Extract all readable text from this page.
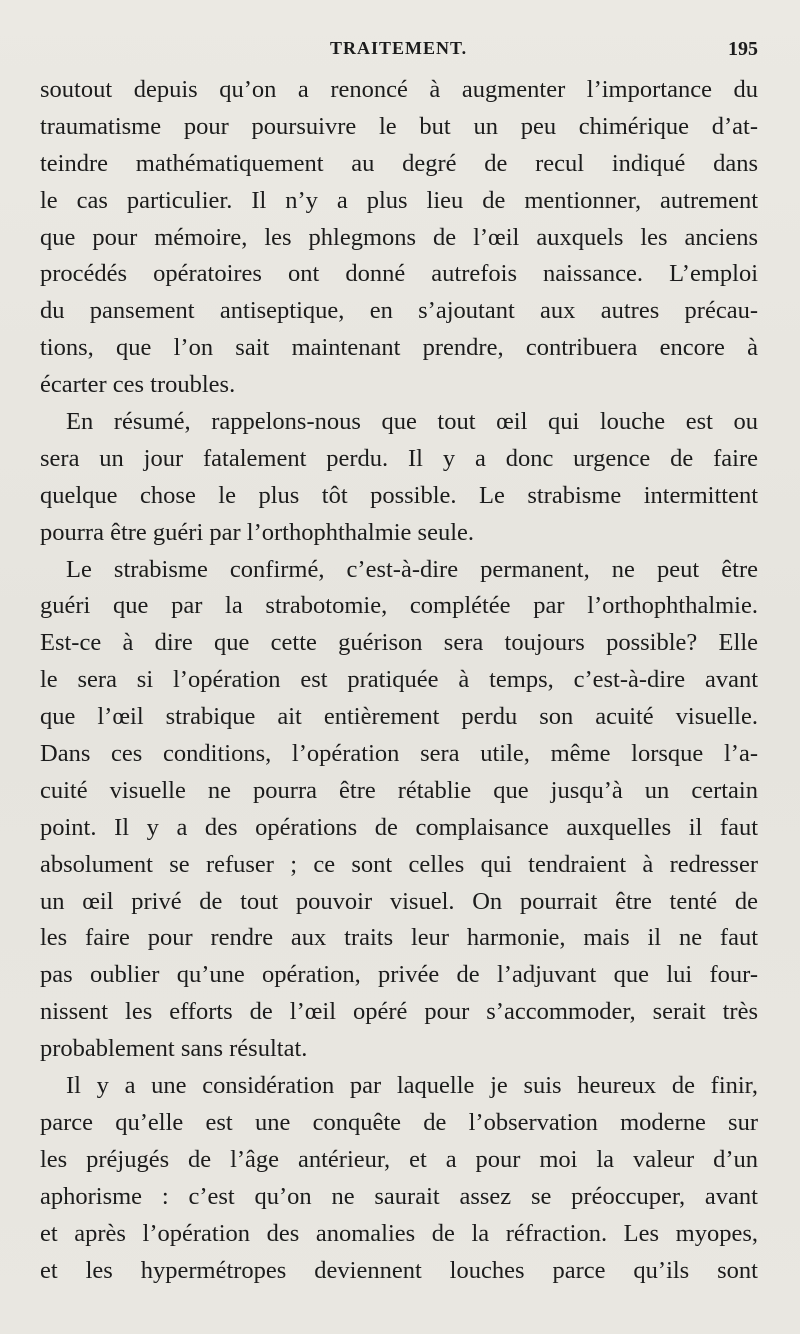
TRAITEMENT.	195
soutout depuis qu’on a renoncé à augmenter l’importance du
traumatisme pour poursuivre le but un peu chimérique d’at-
teindre mathématiquement au degré de recul indiqué dans
le cas particulier. Il n’y a plus lieu de mentionner, autrement
que pour mémoire, les phlegmons de l’œil auxquels les anciens
procédés opératoires ont donné autrefois naissance. L’emploi
du pansement antiseptique, en s’ajoutant aux autres précau-
tions, que l’on sait maintenant prendre, contribuera encore à
écarter ces troubles.
En résumé, rappelons-nous que tout œil qui louche est ou
sera un jour fatalement perdu. Il y a donc urgence de faire
quelque chose le plus tôt possible. Le strabisme intermittent
pourra être guéri par l’orthophthalmie seule.
Le strabisme confirmé, c’est-à-dire permanent, ne peut être
guéri que par la strabotomie, complétée par l’orthophthalmie.
Est-ce à dire que cette guérison sera toujours possible? Elle
le sera si l’opération est pratiquée à temps, c’est-à-dire avant
que l’œil strabique ait entièrement perdu son acuité visuelle.
Dans ces conditions, l’opération sera utile, même lorsque l’a-
cuité visuelle ne pourra être rétablie que jusqu’à un certain
point. Il y a des opérations de complaisance auxquelles il faut
absolument se refuser ; ce sont celles qui tendraient à redresser
un œil privé de tout pouvoir visuel. On pourrait être tenté de
les faire pour rendre aux traits leur harmonie, mais il ne faut
pas oublier qu’une opération, privée de l’adjuvant que lui four-
nissent les efforts de l’œil opéré pour s’accommoder, serait très
probablement sans résultat.
Il y a une considération par laquelle je suis heureux de finir,
parce qu’elle est une conquête de l’observation moderne sur
les préjugés de l’âge antérieur, et a pour moi la valeur d’un
aphorisme : c’est qu’on ne saurait assez se préoccuper, avant
et après l’opération des anomalies de la réfraction. Les myopes,
et les hypermétropes deviennent louches parce qu’ils sont
